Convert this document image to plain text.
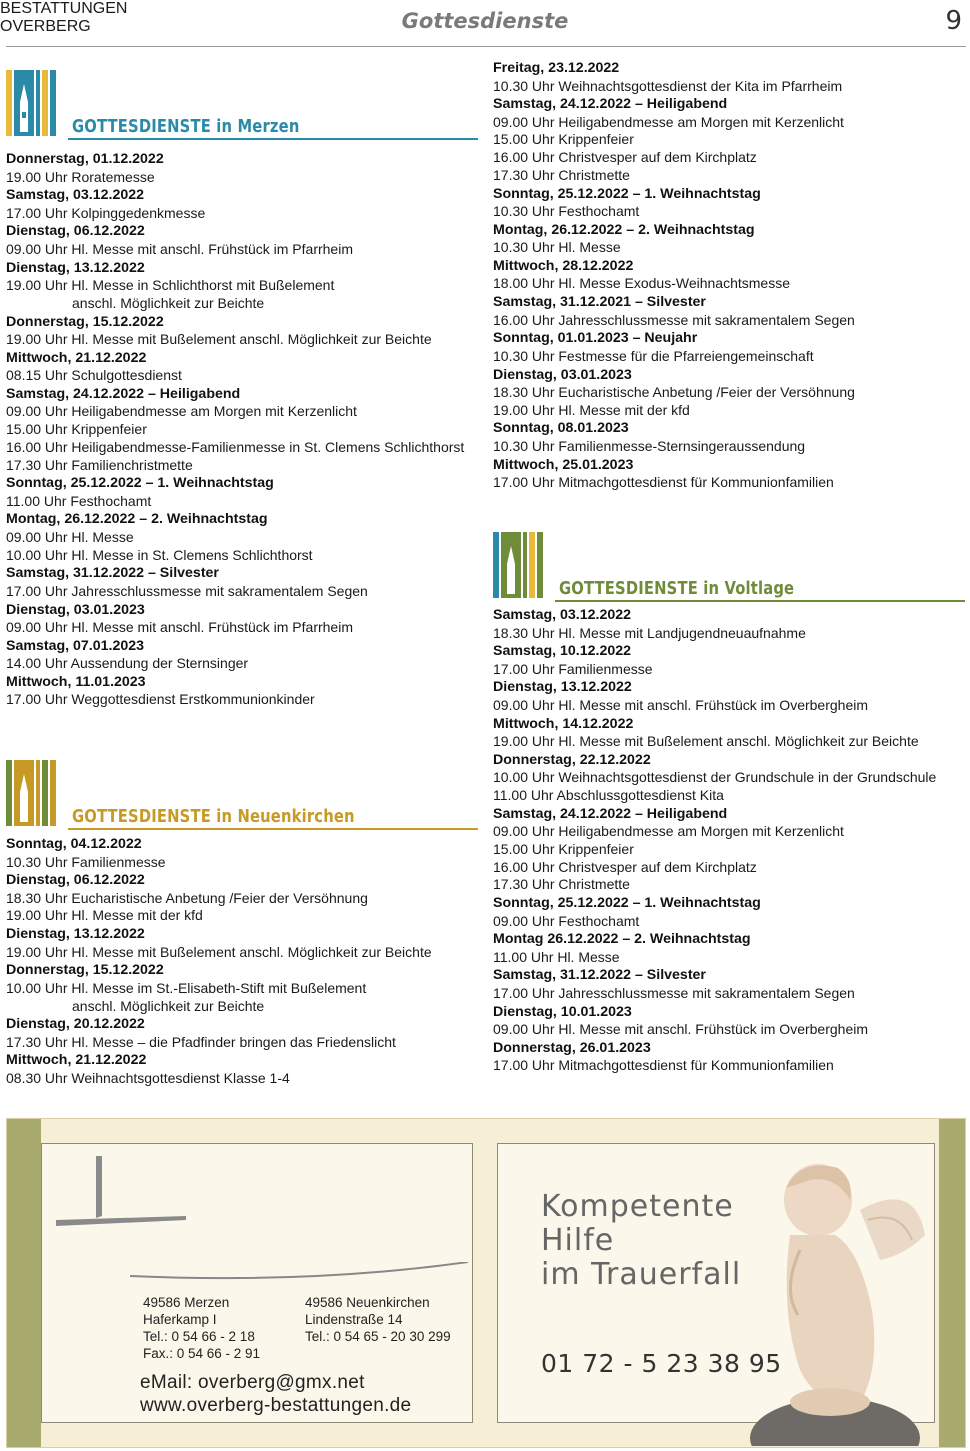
Gottesdienste	9
GOTTESDIENSTE in Merzen
Donnerstag, 01.12.2022
19.00 Uhr Roratemesse
Samstag, 03.12.2022
17.00 Uhr Kolpinggedenkmesse
Dienstag, 06.12.2022
09.00 Uhr Hl. Messe mit anschl. Frühstück im Pfarrheim
Dienstag, 13.12.2022
19.00 Uhr Hl. Messe in Schlichthorst mit Bußelement
anschl. Möglichkeit zur Beichte
Donnerstag, 15.12.2022
19.00 Uhr Hl. Messe mit Bußelement anschl. Möglichkeit zur Beichte
Mittwoch, 21.12.2022
08.15 Uhr Schulgottesdienst
Samstag, 24.12.2022 – Heiligabend
09.00 Uhr Heiligabendmesse am Morgen mit Kerzenlicht
15.00 Uhr Krippenfeier
16.00 Uhr Heiligabendmesse-Familienmesse in St. Clemens Schlichthorst
17.30 Uhr Familienchristmette
Sonntag, 25.12.2022 – 1. Weihnachtstag
11.00 Uhr Festhochamt
Montag, 26.12.2022 – 2. Weihnachtstag
09.00 Uhr Hl. Messe
10.00 Uhr Hl. Messe in St. Clemens Schlichthorst
Samstag, 31.12.2022 – Silvester
17.00 Uhr Jahresschlussmesse mit sakramentalem Segen
Dienstag, 03.01.2023
09.00 Uhr Hl. Messe mit anschl. Frühstück im Pfarrheim
Samstag, 07.01.2023
14.00 Uhr Aussendung der Sternsinger
Mittwoch, 11.01.2023
17.00 Uhr Weggottesdienst Erstkommunionkinder
GOTTESDIENSTE in Neuenkirchen
Sonntag, 04.12.2022
10.30 Uhr Familienmesse
Dienstag, 06.12.2022
18.30 Uhr Eucharistische Anbetung /Feier der Versöhnung
19.00 Uhr Hl. Messe mit der kfd
Dienstag, 13.12.2022
19.00 Uhr Hl. Messe mit Bußelement anschl. Möglichkeit zur Beichte
Donnerstag, 15.12.2022
10.00 Uhr Hl. Messe im St.-Elisabeth-Stift mit Bußelement
anschl. Möglichkeit zur Beichte
Dienstag, 20.12.2022
17.30 Uhr Hl. Messe – die Pfadfinder bringen das Friedenslicht
Mittwoch, 21.12.2022
08.30 Uhr Weihnachtsgottesdienst Klasse 1-4
Freitag, 23.12.2022
10.30 Uhr Weihnachtsgottesdienst der Kita im Pfarrheim
Samstag, 24.12.2022 – Heiligabend
09.00 Uhr Heiligabendmesse am Morgen mit Kerzenlicht
15.00 Uhr Krippenfeier
16.00 Uhr Christvesper auf dem Kirchplatz
17.30 Uhr Christmette
Sonntag, 25.12.2022 – 1. Weihnachtstag
10.30 Uhr Festhochamt
Montag, 26.12.2022 – 2. Weihnachtstag
10.30 Uhr Hl. Messe
Mittwoch, 28.12.2022
18.00 Uhr Hl. Messe Exodus-Weihnachtsmesse
Samstag, 31.12.2021 – Silvester
16.00 Uhr Jahresschlussmesse mit sakramentalem Segen
Sonntag, 01.01.2023 – Neujahr
10.30 Uhr Festmesse für die Pfarreiengemeinschaft
Dienstag, 03.01.2023
18.30 Uhr Eucharistische Anbetung /Feier der Versöhnung
19.00 Uhr Hl. Messe mit der kfd
Sonntag, 08.01.2023
10.30 Uhr Familienmesse-Sternsingeraussendung
Mittwoch, 25.01.2023
17.00 Uhr Mitmachgottesdienst für Kommunionfamilien
GOTTESDIENSTE in Voltlage
Samstag, 03.12.2022
18.30 Uhr Hl. Messe mit Landjugendneuaufnahme
Samstag, 10.12.2022
17.00 Uhr Familienmesse
Dienstag, 13.12.2022
09.00 Uhr Hl. Messe mit anschl. Frühstück im Overbergheim
Mittwoch, 14.12.2022
19.00 Uhr Hl. Messe mit Bußelement anschl. Möglichkeit zur Beichte
Donnerstag, 22.12.2022
10.00 Uhr Weihnachtsgottesdienst der Grundschule in der Grundschule
11.00 Uhr Abschlussgottesdienst Kita
Samstag, 24.12.2022 – Heiligabend
09.00 Uhr Heiligabendmesse am Morgen mit Kerzenlicht
15.00 Uhr Krippenfeier
16.00 Uhr Christvesper auf dem Kirchplatz
17.30 Uhr Christmette
Sonntag, 25.12.2022 – 1. Weihnachtstag
09.00 Uhr Festhochamt
Montag 26.12.2022 – 2. Weihnachtstag
11.00 Uhr Hl. Messe
Samstag, 31.12.2022 – Silvester
17.00 Uhr Jahresschlussmesse mit sakramentalem Segen
Dienstag, 10.01.2023
09.00 Uhr Hl. Messe mit anschl. Frühstück im Overbergheim
Donnerstag, 26.01.2023
17.00 Uhr Mitmachgottesdienst für Kommunionfamilien
BESTATTUNGEN
OVERBERG
49586 Merzen
Haferkamp I
Tel.: 0 54 66 - 2 18
Fax.: 0 54 66 - 2 91
49586 Neuenkirchen
Lindenstraße 14
Tel.: 0 54 65 - 20 30 299
eMail: overberg@gmx.net
www.overberg-bestattungen.de
Kompetente
Hilfe
im Trauerfall
01 72 - 5 23 38 95
